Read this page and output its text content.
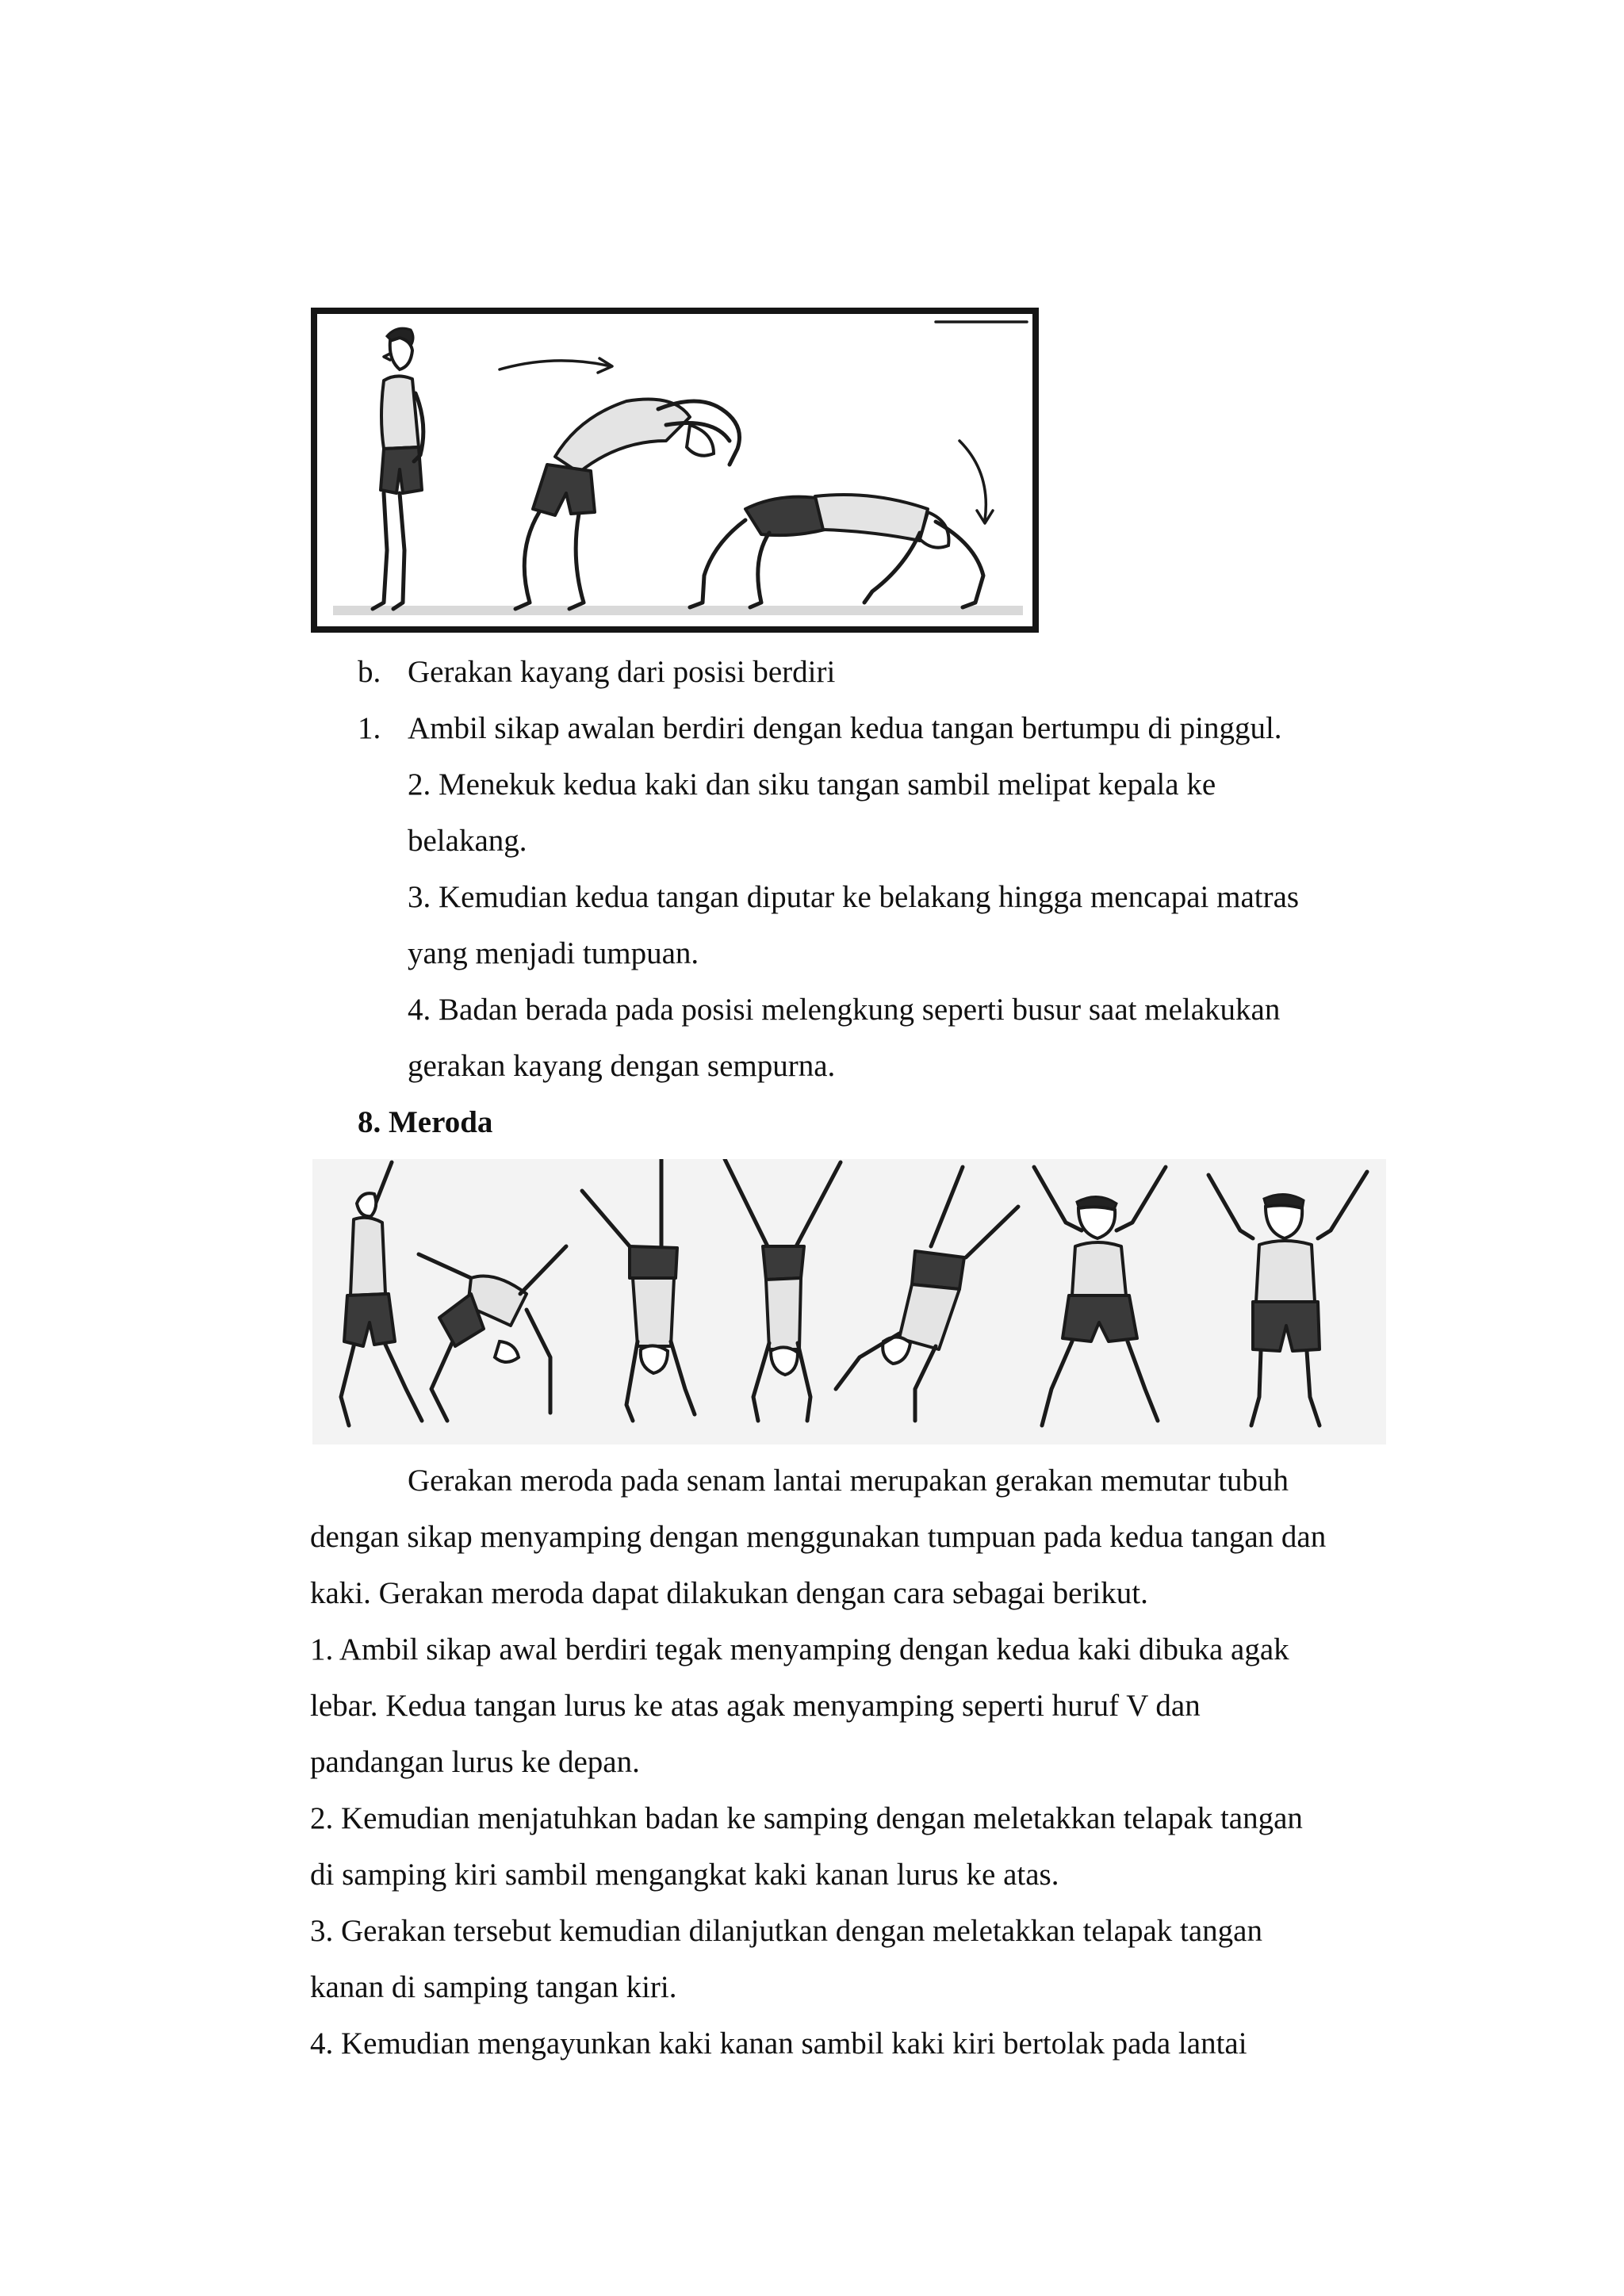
b. Gerakan kayang dari posisi berdiri
1. Ambil sikap awalan berdiri dengan kedua tangan bertumpu di pinggul.
2. Menekuk kedua kaki dan siku tangan sambil melipat kepala ke
belakang.
3. Kemudian kedua tangan diputar ke belakang hingga mencapai matras
yang menjadi tumpuan.
4. Badan berada pada posisi melengkung seperti busur saat melakukan
gerakan kayang dengan sempurna.
8. Meroda
Gerakan meroda pada senam lantai merupakan gerakan memutar tubuh
dengan sikap menyamping dengan menggunakan tumpuan pada kedua tangan dan
kaki. Gerakan meroda dapat dilakukan dengan cara sebagai berikut.
1. Ambil sikap awal berdiri tegak menyamping dengan kedua kaki dibuka agak
lebar. Kedua tangan lurus ke atas agak menyamping seperti huruf V dan
pandangan lurus ke depan.
2. Kemudian menjatuhkan badan ke samping dengan meletakkan telapak tangan
di samping kiri sambil mengangkat kaki kanan lurus ke atas.
3. Gerakan tersebut kemudian dilanjutkan dengan meletakkan telapak tangan
kanan di samping tangan kiri.
4. Kemudian mengayunkan kaki kanan sambil kaki kiri bertolak pada lantai
